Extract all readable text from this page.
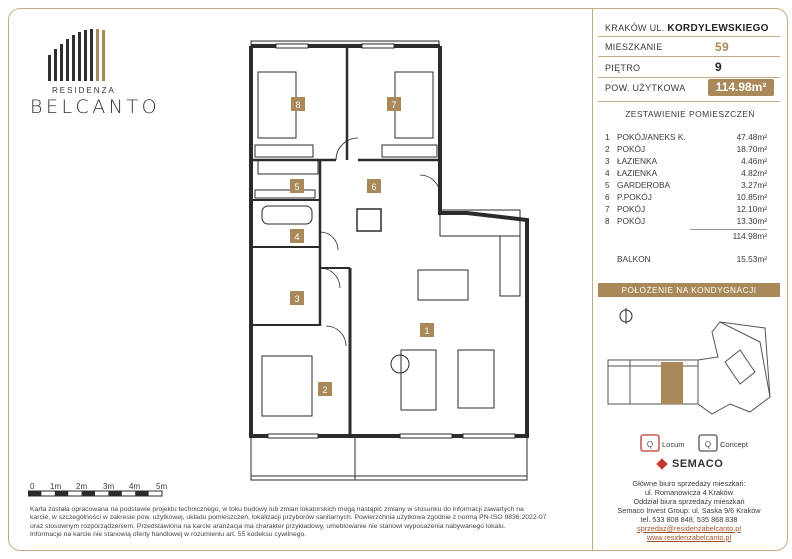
RESIDENZA
BELCANTO	8	7
5	6
4
3
1
2
0 1m 2m 3m 4m 5m
Karta została opracowana na podstawie projektu technicznego, w toku budowy lub zmian lokatorskich mogą nastąpić zmiany w stosunku do informacji zawartych na
karcie, w szczególności w zakresie pow. użytkowej, układu pomieszczeń, lokalizacji przyborów sanitarnych. Powierzchnia użytkowa zgodnie z normą PN-ISO 9836:2022-07
oraz stosownym rozporządzeniem. Przedstawiona na karcie aranżacja ma charakter przykładowy, umeblowanie nie stanowi wyposażenia nabywanego lokalu.
Informacje na karcie nie stanowią oferty handlowej w rozumieniu art. 55 kodeksu cywilnego.
KRAKÓW UL. KORDYLEWSKIEGO
MIESZKANIE	59
PIĘTRO	9
POW. UŻYTKOWA	114.98m²
ZESTAWIENIE POMIESZCZEŃ
1 POKÓJ/ANEKS K.	47.48m²
2 POKÓJ	18.70m²
3 ŁAZIENKA	4.46m²
4 ŁAZIENKA	4.82m²
5 GARDEROBA	3.27m²
6 P.POKÓJ	10.85m²
7 POKÓJ	12.10m²
8 POKÓJ	13.30m²
114.98m²
BALKON	15.53m²
POŁOŻENIE NA KONDYGNACJI
Q Locum	Q Concept
SEMACO
Główne biuro sprzedaży mieszkań:
ul. Romanowicza 4 Kraków
Oddział biura sprzedaży mieszkań
Semaco Invest Group: ul. Saska 9/6 Kraków
tel. 533 808 848, 535 868 838
sprzedaz@residenzabelcanto.pl
www.residenzabelcanto.pl
